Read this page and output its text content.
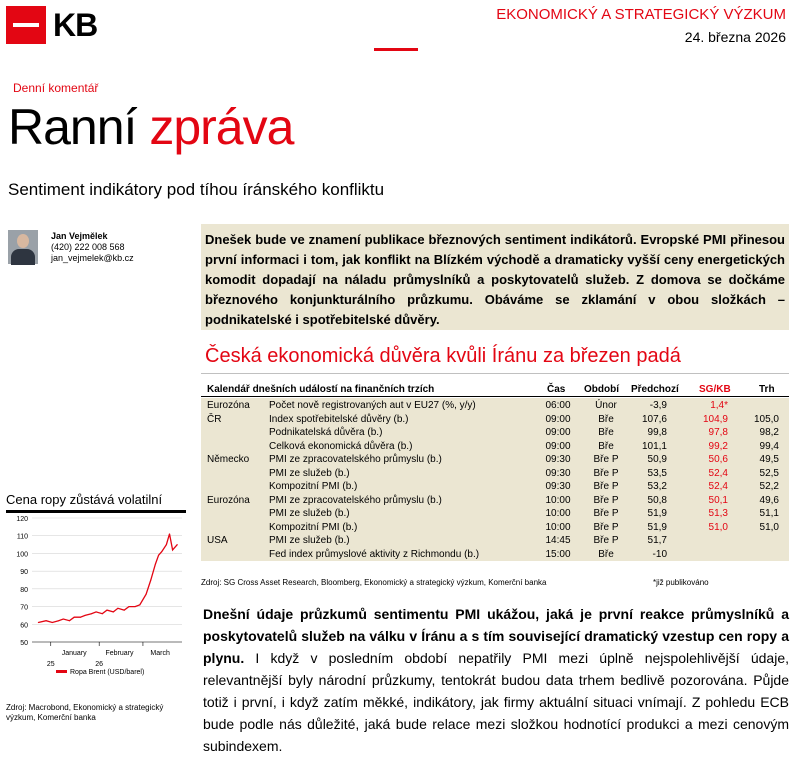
KB	EKONOMICKÝ A STRATEGICKÝ VÝZKUM
24. března 2026
Denní komentář
Ranní zpráva
Sentiment indikátory pod tíhou íránského konfliktu
Jan Vejmělek
(420) 222 008 568
jan_vejmelek@kb.cz
Dnešek bude ve znamení publikace březnových sentiment indikátorů. Evropské PMI přinesou první informaci i tom, jak konflikt na Blízkém východě a dramaticky vyšší ceny energetických komodit dopadají na náladu průmyslníků a poskytovatelů služeb. Z domova se dočkáme březnového konjunkturálního průzkumu. Obáváme se zklamání v obou složkách – podnikatelské i spotřebitelské důvěry.
Česká ekonomická důvěra kvůli Íránu za březen padá
Kalendář dnešních událostí na finančních trzích	Čas Období Předchozí SG/KB	Trh
Eurozóna Počet nově registrovaných aut v EU27 (%, y/y)	06:00 Únor	-3,9	1,4*
ČR	Index spotřebitelské důvěry (b.)	09:00	Bře	107,6	104,9	105,0
Podnikatelská důvěra (b.)	09:00	Bře	99,8	97,8	98,2
Celková ekonomická důvěra (b.)	09:00	Bře	101,1	99,2	99,4
Německo PMI ze zpracovatelského průmyslu (b.)	09:30 Bře P	50,9	50,6	49,5
PMI ze služeb (b.)	09:30 Bře P	53,5	52,4	52,5
Kompozitní PMI (b.)	09:30 Bře P	53,2	52,4	52,2
Eurozóna PMI ze zpracovatelského průmyslu (b.)	10:00 Bře P	50,8	50,1	49,6
PMI ze služeb (b.)	10:00 Bře P	51,9	51,3	51,1
Kompozitní PMI (b.)	10:00 Bře P	51,9	51,0	51,0
USA	PMI ze služeb (b.)	14:45 Bře P	51,7
Fed index průmyslové aktivity z Richmondu (b.)	15:00	Bře	-10
Zdroj: SG Cross Asset Research, Bloomberg, Ekonomický a strategický výzkum, Komerční banka	*již publikováno
Cena ropy zůstává volatilní
50
60
70
80
90
100
110
120
January
25
February
26
March
Ropa Brent (USD/barel)
Zdroj: Macrobond, Ekonomický a strategický výzkum, Komerční banka
Dnešní údaje průzkumů sentimentu PMI ukážou, jaká je první reakce průmyslníků a poskytovatelů služeb na válku v Íránu a s tím související dramatický vzestup cen ropy a plynu. I když v posledním období nepatřily PMI mezi úplně nejspolehlivější údaje, relevantnější byly národní průzkumy, tentokrát budou data trhem bedlivě pozorována. Půjde totiž i první, i když zatím měkké, indikátory, jak firmy aktuální situaci vnímají. Z pohledu ECB bude podle nás důležité, jaká bude relace mezi složkou hodnotící produkci a mezi cenovým subindexem.
